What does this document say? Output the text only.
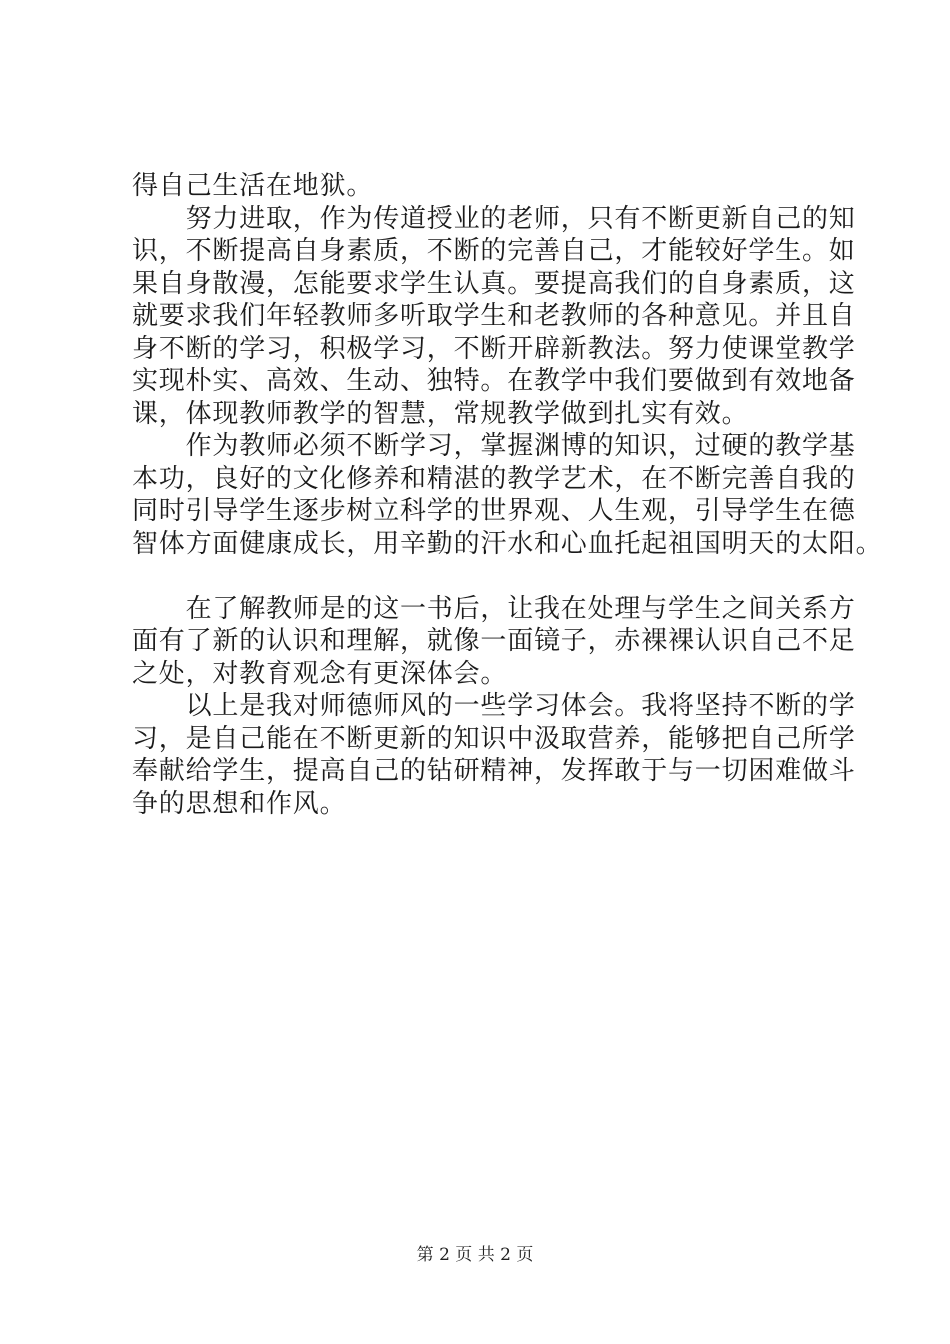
得自己生活在地狱。
　　努力进取，作为传道授业的老师，只有不断更新自己的知
识，不断提高自身素质，不断的完善自己，才能较好学生。如
果自身散漫，怎能要求学生认真。要提高我们的自身素质，这
就要求我们年轻教师多听取学生和老教师的各种意见。并且自
身不断的学习，积极学习，不断开辟新教法。努力使课堂教学
实现朴实、高效、生动、独特。在教学中我们要做到有效地备
课，体现教师教学的智慧，常规教学做到扎实有效。
　　作为教师必须不断学习，掌握渊博的知识，过硬的教学基
本功，良好的文化修养和精湛的教学艺术，在不断完善自我的
同时引导学生逐步树立科学的世界观、人生观，引导学生在德
智体方面健康成长，用辛勤的汗水和心血托起祖国明天的太阳。
　　在了解教师是的这一书后，让我在处理与学生之间关系方
面有了新的认识和理解，就像一面镜子，赤裸裸认识自己不足
之处，对教育观念有更深体会。
　　以上是我对师德师风的一些学习体会。我将坚持不断的学
习，是自己能在不断更新的知识中汲取营养，能够把自己所学
奉献给学生，提高自己的钻研精神，发挥敢于与一切困难做斗
争的思想和作风。
第 2 页 共 2 页
